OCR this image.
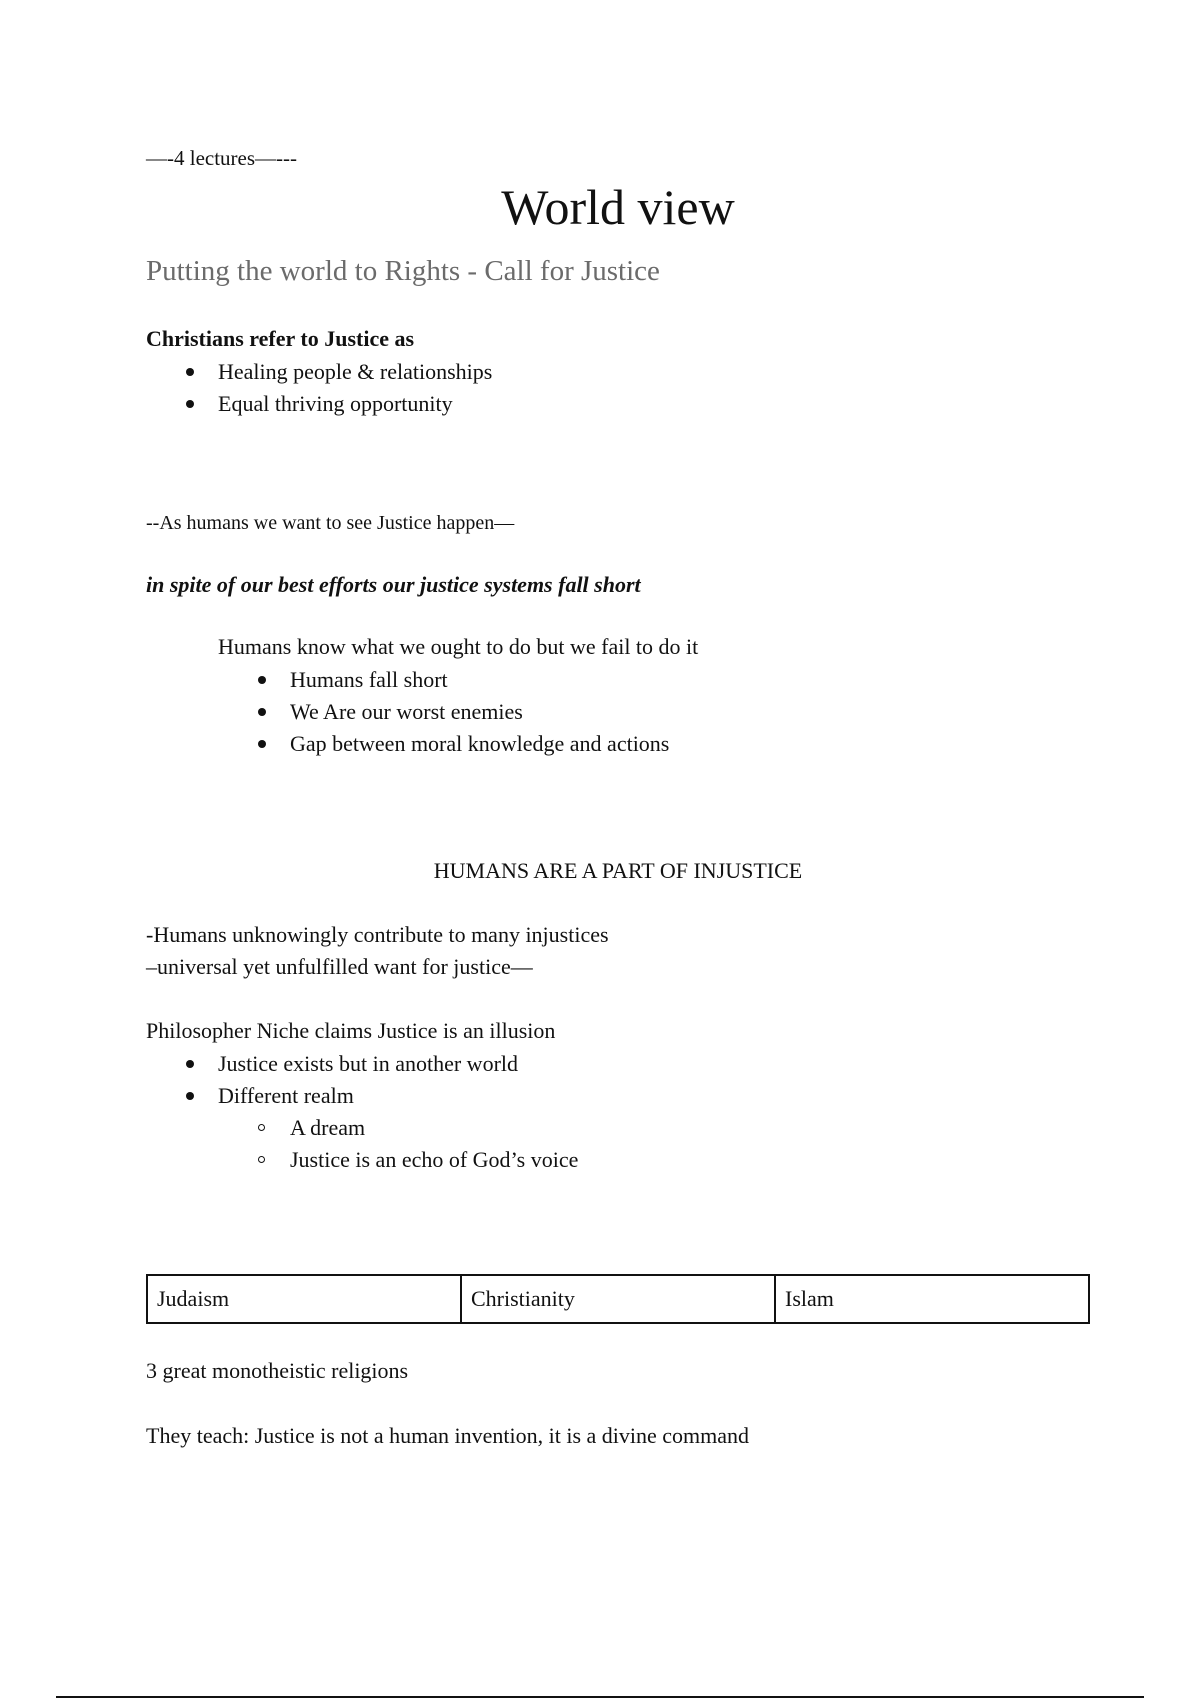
—-4 lectures—---
World view
Putting the world to Rights - Call for Justice
Christians refer to Justice as
Healing people & relationships
Equal thriving opportunity
--As humans we want to see Justice happen—
in spite of our best efforts our justice systems fall short
Humans know what we ought to do but we fail to do it
Humans fall short
We Are our worst enemies
Gap between moral knowledge and actions
HUMANS ARE A PART OF INJUSTICE
-Humans unknowingly contribute to many injustices
–universal yet unfulfilled want for justice—
Philosopher Niche claims Justice is an illusion
Justice exists but in another world
Different realm
A dream
Justice is an echo of God’s voice
Judaism	Christianity	Islam
3 great monotheistic religions
They teach: Justice is not a human invention, it is a divine command
